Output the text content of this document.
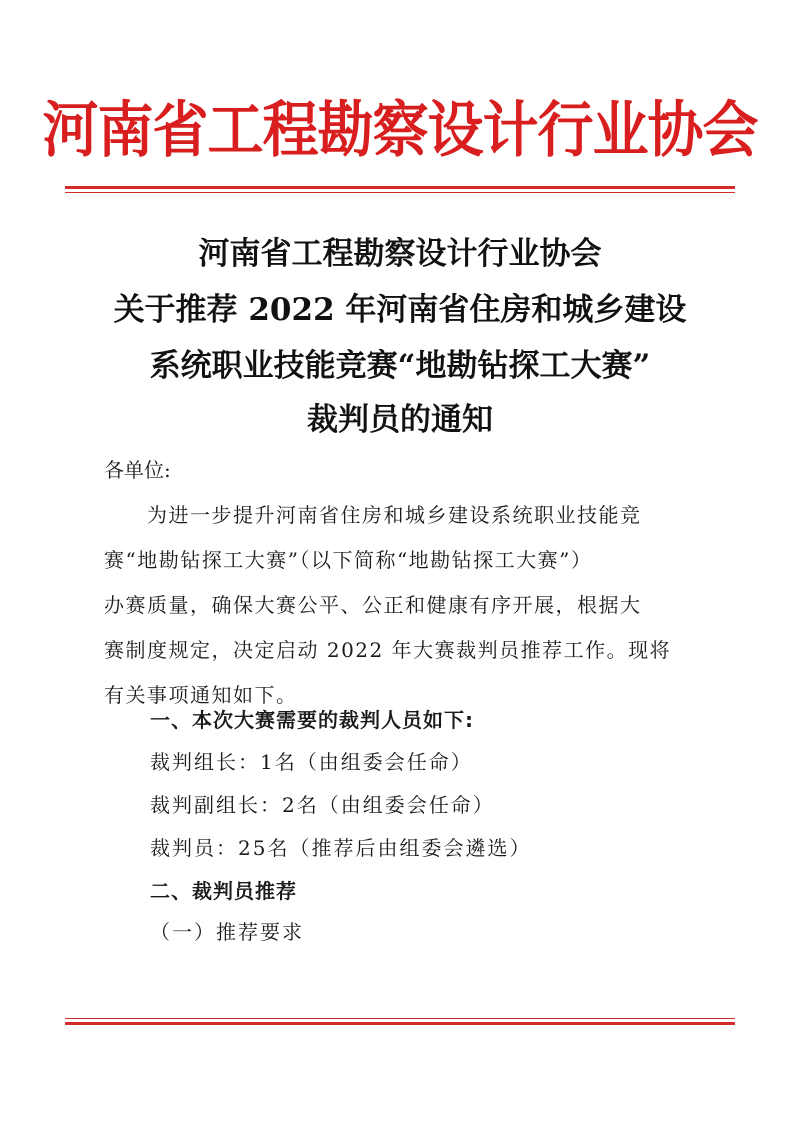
河南省工程勘察设计行业协会
河南省工程勘察设计行业协会
关于推荐 2022 年河南省住房和城乡建设
系统职业技能竞赛“地勘钻探工大赛”
裁判员的通知
各单位:
　　为进一步提升河南省住房和城乡建设系统职业技能竞
赛“地勘钻探工大赛”（以下简称“地勘钻探工大赛”）
办赛质量，确保大赛公平、公正和健康有序开展，根据大
赛制度规定，决定启动 2022 年大赛裁判员推荐工作。现将
有关事项通知如下。
一、本次大赛需要的裁判人员如下:
裁判组长：1名（由组委会任命）
裁判副组长：2名（由组委会任命）
裁判员：25名（推荐后由组委会遴选）
二、裁判员推荐
（一）推荐要求
